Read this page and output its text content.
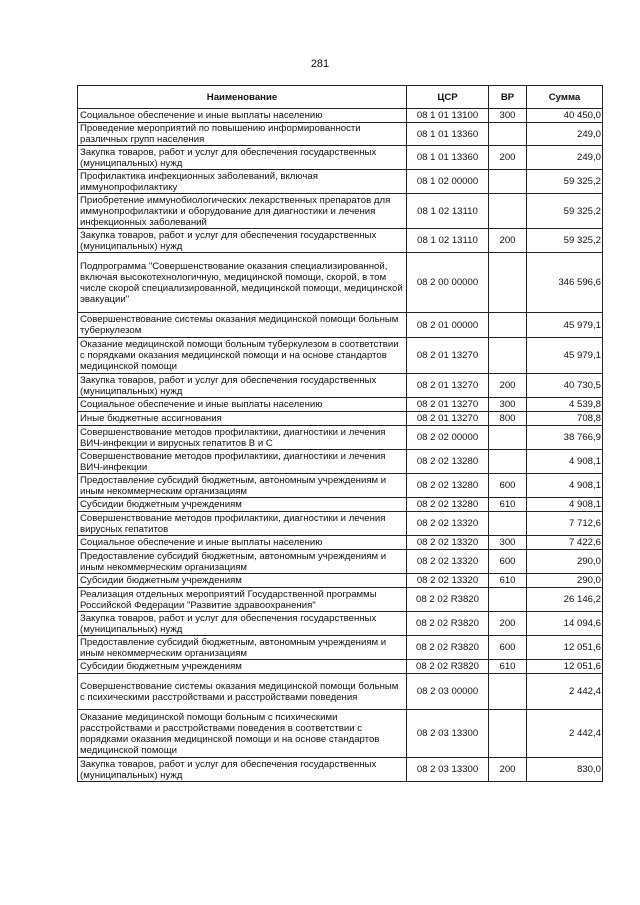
281
Наименование	ЦСР	ВР	Сумма
Социальное обеспечение и иные выплаты населению	08 1 01 13100	300	40 450,0
Проведение мероприятий по повышению информированности различных групп населения	08 1 01 13360		249,0
Закупка товаров, работ и услуг для обеспечения государственных (муниципальных) нужд	08 1 01 13360	200	249,0
Профилактика инфекционных заболеваний, включая иммунопрофилактику	08 1 02 00000		59 325,2
Приобретение иммунобиологических лекарственных препаратов для иммунопрофилактики и оборудование для диагностики и лечения инфекционных заболеваний	08 1 02 13110		59 325,2
Закупка товаров, работ и услуг для обеспечения государственных (муниципальных) нужд	08 1 02 13110	200	59 325,2
Подпрограмма "Совершенствование оказания специализированной, включая высокотехнологичную, медицинской помощи, скорой, в том числе скорой специализированной, медицинской помощи, медицинской эвакуации"	08 2 00 00000		346 596,6
Совершенствование системы оказания медицинской помощи больным туберкулезом	08 2 01 00000		45 979,1
Оказание медицинской помощи больным туберкулезом в соответствии с порядками оказания медицинской помощи и на основе стандартов медицинской помощи	08 2 01 13270		45 979,1
Закупка товаров, работ и услуг для обеспечения государственных (муниципальных) нужд	08 2 01 13270	200	40 730,5
Социальное обеспечение и иные выплаты населению	08 2 01 13270	300	4 539,8
Иные бюджетные ассигнования	08 2 01 13270	800	708,8
Совершенствование методов профилактики, диагностики и лечения ВИЧ-инфекции и вирусных гепатитов В и С	08 2 02 00000		38 766,9
Совершенствование методов профилактики, диагностики и лечения ВИЧ-инфекции	08 2 02 13280		4 908,1
Предоставление субсидий бюджетным, автономным учреждениям и иным некоммерческим организациям	08 2 02 13280	600	4 908,1
Субсидии бюджетным учреждениям	08 2 02 13280	610	4 908,1
Совершенствование методов профилактики, диагностики и лечения вирусных гепатитов	08 2 02 13320		7 712,6
Социальное обеспечение и иные выплаты населению	08 2 02 13320	300	7 422,6
Предоставление субсидий бюджетным, автономным учреждениям и иным некоммерческим организациям	08 2 02 13320	600	290,0
Субсидии бюджетным учреждениям	08 2 02 13320	610	290,0
Реализация отдельных мероприятий Государственной программы Российской Федерации "Развитие здравоохранения"	08 2 02 R3820		26 146,2
Закупка товаров, работ и услуг для обеспечения государственных (муниципальных) нужд	08 2 02 R3820	200	14 094,6
Предоставление субсидий бюджетным, автономным учреждениям и иным некоммерческим организациям	08 2 02 R3820	600	12 051,6
Субсидии бюджетным учреждениям	08 2 02 R3820	610	12 051,6
Совершенствование системы оказания медицинской помощи больным с психическими расстройствами и расстройствами поведения	08 2 03 00000		2 442,4
Оказание медицинской помощи больным с психическими расстройствами и расстройствами поведения в соответствии с порядками оказания медицинской помощи и на основе стандартов медицинской помощи	08 2 03 13300		2 442,4
Закупка товаров, работ и услуг для обеспечения государственных (муниципальных) нужд	08 2 03 13300	200	830,0
